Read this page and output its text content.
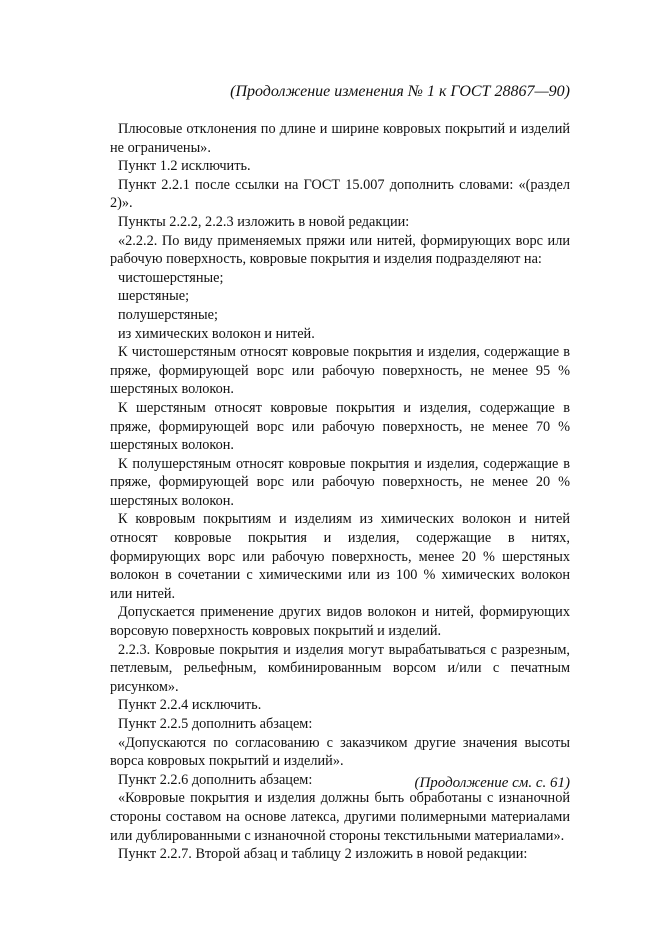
(Продолжение изменения № 1 к ГОСТ 28867—90)

Плюсовые отклонения по длине и ширине ковровых покрытий и изделий не ограничены».

Пункт 1.2 исключить.

Пункт 2.2.1 после ссылки на ГОСТ 15.007 дополнить словами: «(раздел 2)».

Пункты 2.2.2, 2.2.3 изложить в новой редакции:

«2.2.2. По виду применяемых пряжи или нитей, формирующих ворс или рабочую поверхность, ковровые покрытия и изделия подразделяют на:

чистошерстяные;

шерстяные;

полушерстяные;

из химических волокон и нитей.

К чистошерстяным относят ковровые покрытия и изделия, содержащие в пряже, формирующей ворс или рабочую поверхность, не менее 95 % шерстяных волокон.

К шерстяным относят ковровые покрытия и изделия, содержащие в пряже, формирующей ворс или рабочую поверхность, не менее 70 % шерстяных волокон.

К полушерстяным относят ковровые покрытия и изделия, содержащие в пряже, формирующей ворс или рабочую поверхность, не менее 20 % шерстяных волокон.

К ковровым покрытиям и изделиям из химических волокон и нитей относят ковровые покрытия и изделия, содержащие в нитях, формирующих ворс или рабочую поверхность, менее 20 % шерстяных волокон в сочетании с химическими или из 100 % химических волокон или нитей.

Допускается применение других видов волокон и нитей, формирующих ворсовую поверхность ковровых покрытий и изделий.

2.2.3. Ковровые покрытия и изделия могут вырабатываться с разрезным, петлевым, рельефным, комбинированным ворсом и/или с печатным рисунком».

Пункт 2.2.4 исключить.

Пункт 2.2.5 дополнить абзацем:

«Допускаются по согласованию с заказчиком другие значения высоты ворса ковровых покрытий и изделий».

Пункт 2.2.6 дополнить абзацем:

«Ковровые покрытия и изделия должны быть обработаны с изнаночной стороны составом на основе латекса, другими полимерными материалами или дублированными с изнаночной стороны текстильными материалами».

Пункт 2.2.7. Второй абзац и таблицу 2 изложить в новой редакции:

(Продолжение см. с. 61)
